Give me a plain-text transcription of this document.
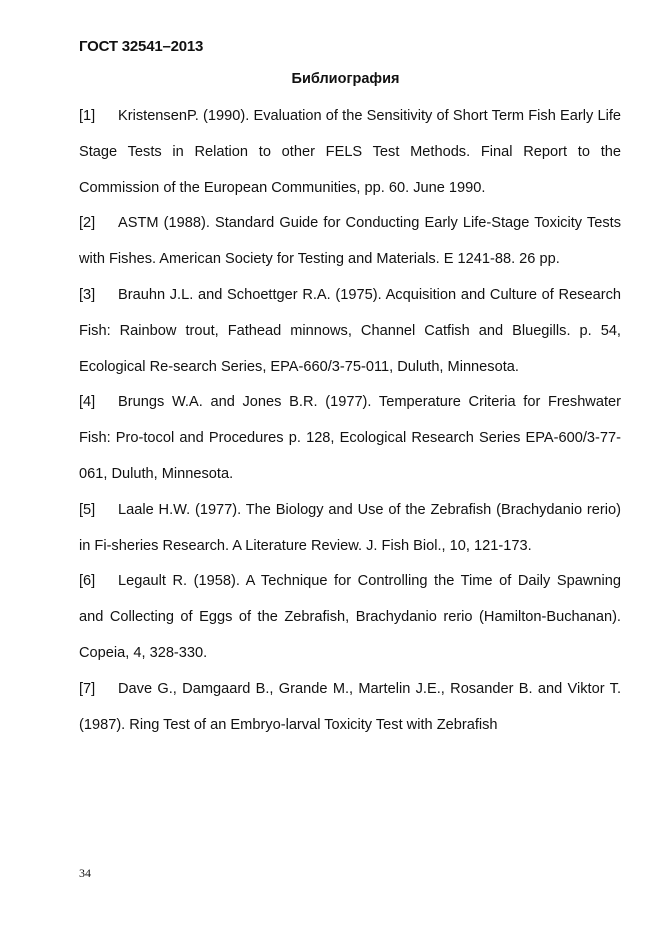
ГОСТ 32541–2013
Библиография
[1] KristensenP. (1990). Evaluation of the Sensitivity of Short Term Fish Early Life Stage Tests in Relation to other FELS Test Methods. Final Report to the Commission of the European Communities, pp. 60. June 1990.
[2] ASTM (1988). Standard Guide for Conducting Early Life-Stage Toxicity Tests with Fishes. American Society for Testing and Materials. E 1241-88. 26 pp.
[3] Brauhn J.L. and Schoettger R.A. (1975). Acquisition and Culture of Research Fish: Rainbow trout, Fathead minnows, Channel Catfish and Bluegills. p. 54, Ecological Re-search Series, EPA-660/3-75-011, Duluth, Minnesota.
[4] Brungs W.A. and Jones B.R. (1977). Temperature Criteria for Freshwater Fish: Pro-tocol and Procedures p. 128, Ecological Research Series EPA-600/3-77-061, Duluth, Minnesota.
[5] Laale H.W. (1977). The Biology and Use of the Zebrafish (Brachydanio rerio) in Fi-sheries Research. A Literature Review. J. Fish Biol., 10, 121-173.
[6] Legault R. (1958). A Technique for Controlling the Time of Daily Spawning and Collecting of Eggs of the Zebrafish, Brachydanio rerio (Hamilton-Buchanan). Copeia, 4, 328-330.
[7] Dave G., Damgaard B., Grande M., Martelin J.E., Rosander B. and Viktor T. (1987). Ring Test of an Embryo-larval Toxicity Test with Zebrafish
34
